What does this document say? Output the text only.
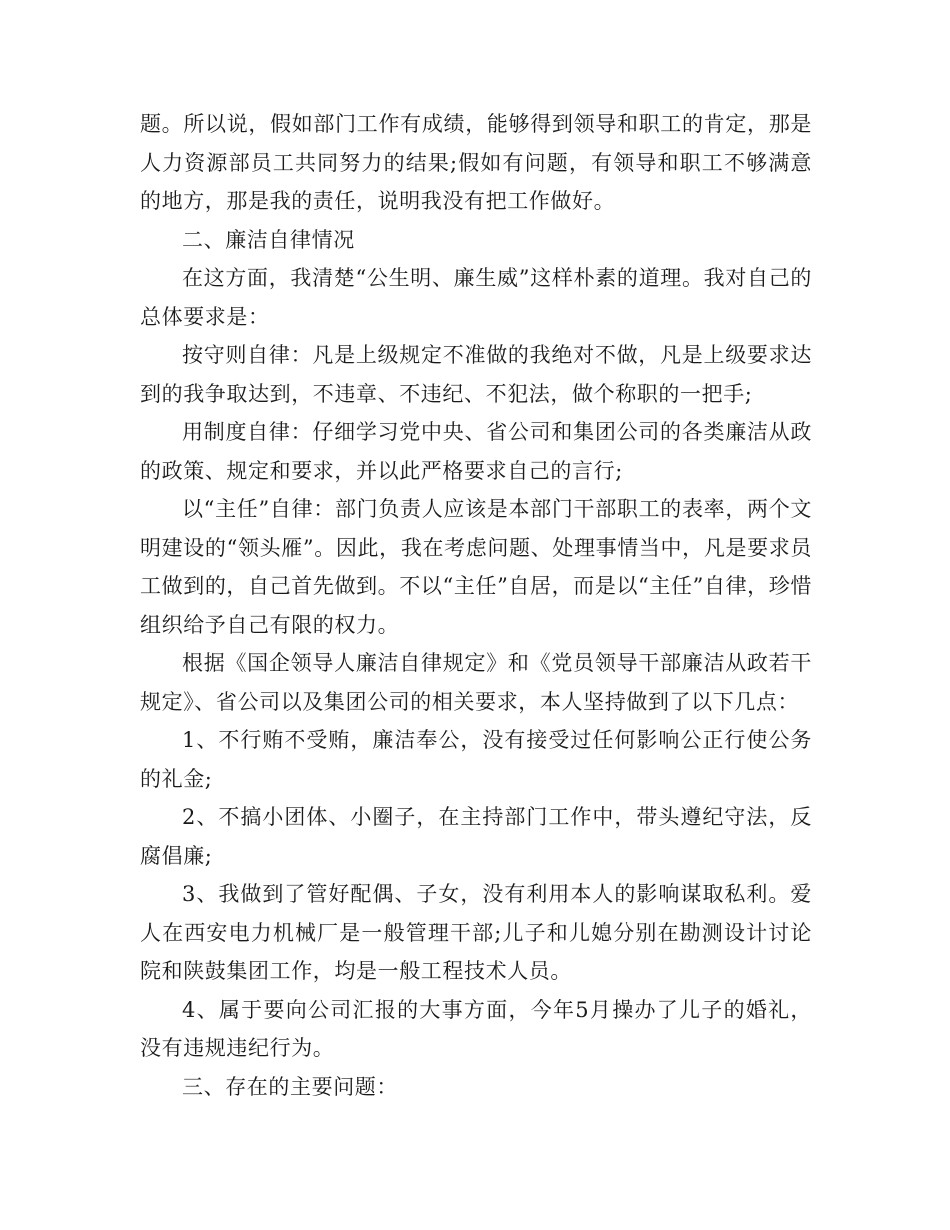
题。所以说，假如部门工作有成绩，能够得到领导和职工的肯定，那是人力资源部员工共同努力的结果;假如有问题，有领导和职工不够满意的地方，那是我的责任，说明我没有把工作做好。

二、廉洁自律情况

在这方面，我清楚“公生明、廉生威”这样朴素的道理。我对自己的总体要求是：

按守则自律：凡是上级规定不准做的我绝对不做，凡是上级要求达到的我争取达到，不违章、不违纪、不犯法，做个称职的一把手;

用制度自律：仔细学习党中央、省公司和集团公司的各类廉洁从政的政策、规定和要求，并以此严格要求自己的言行;

以“主任”自律：部门负责人应该是本部门干部职工的表率，两个文明建设的“领头雁”。因此，我在考虑问题、处理事情当中，凡是要求员工做到的，自己首先做到。不以“主任”自居，而是以“主任”自律，珍惜组织给予自己有限的权力。

根据《国企领导人廉洁自律规定》和《党员领导干部廉洁从政若干规定》、省公司以及集团公司的相关要求，本人坚持做到了以下几点：

1、不行贿不受贿，廉洁奉公，没有接受过任何影响公正行使公务的礼金;

2、不搞小团体、小圈子，在主持部门工作中，带头遵纪守法，反腐倡廉;

3、我做到了管好配偶、子女，没有利用本人的影响谋取私利。爱人在西安电力机械厂是一般管理干部;儿子和儿媳分别在勘测设计讨论院和陕鼓集团工作，均是一般工程技术人员。

4、属于要向公司汇报的大事方面，今年5月操办了儿子的婚礼，没有违规违纪行为。

三、存在的主要问题：
